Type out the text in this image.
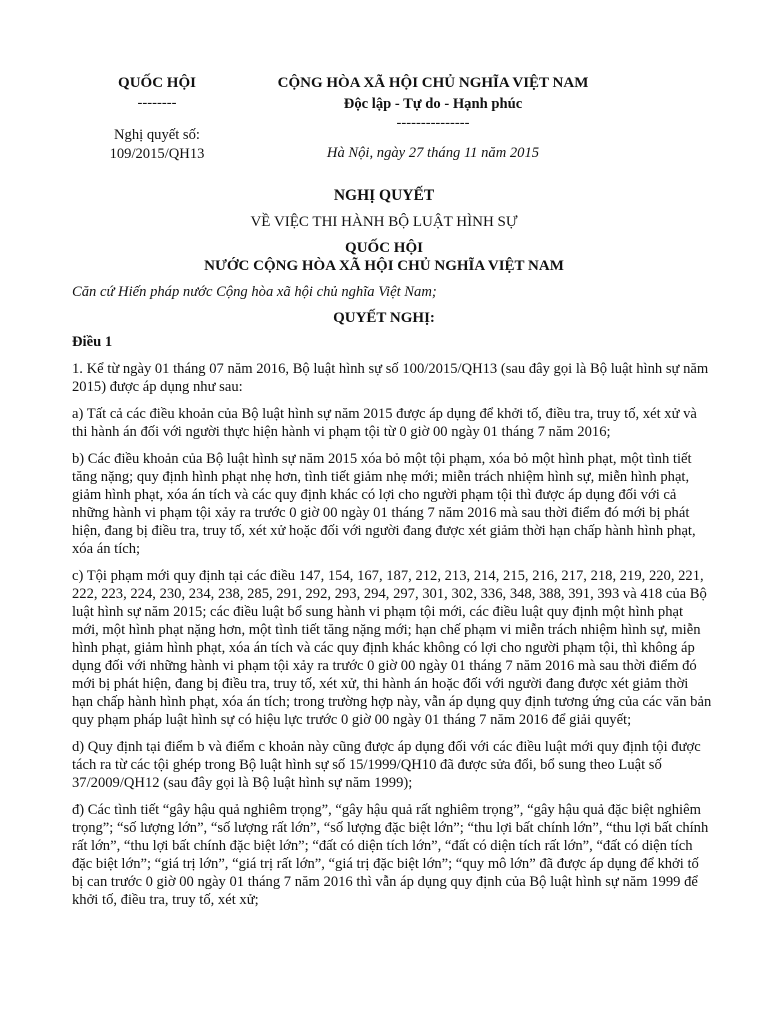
QUỐC HỘI
--------
Nghị quyết số:
109/2015/QH13
CỘNG HÒA XÃ HỘI CHỦ NGHĨA VIỆT NAM
Độc lập - Tự do - Hạnh phúc
---------------
Hà Nội, ngày 27 tháng 11 năm 2015
NGHỊ QUYẾT
VỀ VIỆC THI HÀNH BỘ LUẬT HÌNH SỰ
QUỐC HỘI
NƯỚC CỘNG HÒA XÃ HỘI CHỦ NGHĨA VIỆT NAM
Căn cứ Hiến pháp nước Cộng hòa xã hội chủ nghĩa Việt Nam;
QUYẾT NGHỊ:
Điều 1

1. Kể từ ngày 01 tháng 07 năm 2016, Bộ luật hình sự số 100/2015/QH13 (sau đây gọi là Bộ luật hình sự năm 2015) được áp dụng như sau:

a) Tất cả các điều khoản của Bộ luật hình sự năm 2015 được áp dụng để khởi tố, điều tra, truy tố, xét xử và thi hành án đối với người thực hiện hành vi phạm tội từ 0 giờ 00 ngày 01 tháng 7 năm 2016;

b) Các điều khoản của Bộ luật hình sự năm 2015 xóa bỏ một tội phạm, xóa bỏ một hình phạt, một tình tiết tăng nặng; quy định hình phạt nhẹ hơn, tình tiết giảm nhẹ mới; miễn trách nhiệm hình sự, miễn hình phạt, giảm hình phạt, xóa án tích và các quy định khác có lợi cho người phạm tội thì được áp dụng đối với cả những hành vi phạm tội xảy ra trước 0 giờ 00 ngày 01 tháng 7 năm 2016 mà sau thời điểm đó mới bị phát hiện, đang bị điều tra, truy tố, xét xử hoặc đối với người đang được xét giảm thời hạn chấp hành hình phạt, xóa án tích;

c) Tội phạm mới quy định tại các điều 147, 154, 167, 187, 212, 213, 214, 215, 216, 217, 218, 219, 220, 221, 222, 223, 224, 230, 234, 238, 285, 291, 292, 293, 294, 297, 301, 302, 336, 348, 388, 391, 393 và 418 của Bộ luật hình sự năm 2015; các điều luật bổ sung hành vi phạm tội mới, các điều luật quy định một hình phạt mới, một hình phạt nặng hơn, một tình tiết tăng nặng mới; hạn chế phạm vi miễn trách nhiệm hình sự, miễn hình phạt, giảm hình phạt, xóa án tích và các quy định khác không có lợi cho người phạm tội, thì không áp dụng đối với những hành vi phạm tội xảy ra trước 0 giờ 00 ngày 01 tháng 7 năm 2016 mà sau thời điểm đó mới bị phát hiện, đang bị điều tra, truy tố, xét xử, thi hành án hoặc đối với người đang được xét giảm thời hạn chấp hành hình phạt, xóa án tích; trong trường hợp này, vẫn áp dụng quy định tương ứng của các văn bản quy phạm pháp luật hình sự có hiệu lực trước 0 giờ 00 ngày 01 tháng 7 năm 2016 để giải quyết;

d) Quy định tại điểm b và điểm c khoản này cũng được áp dụng đối với các điều luật mới quy định tội được tách ra từ các tội ghép trong Bộ luật hình sự số 15/1999/QH10 đã được sửa đổi, bổ sung theo Luật số 37/2009/QH12 (sau đây gọi là Bộ luật hình sự năm 1999);

đ) Các tình tiết “gây hậu quả nghiêm trọng”, “gây hậu quả rất nghiêm trọng”, “gây hậu quả đặc biệt nghiêm trọng”; “số lượng lớn”, “số lượng rất lớn”, “số lượng đặc biệt lớn”; “thu lợi bất chính lớn”, “thu lợi bất chính rất lớn”, “thu lợi bất chính đặc biệt lớn”; “đất có diện tích lớn”, “đất có diện tích rất lớn”, “đất có diện tích đặc biệt lớn”; “giá trị lớn”, “giá trị rất lớn”, “giá trị đặc biệt lớn”; “quy mô lớn” đã được áp dụng để khởi tố bị can trước 0 giờ 00 ngày 01 tháng 7 năm 2016 thì vẫn áp dụng quy định của Bộ luật hình sự năm 1999 để khởi tố, điều tra, truy tố, xét xử;
